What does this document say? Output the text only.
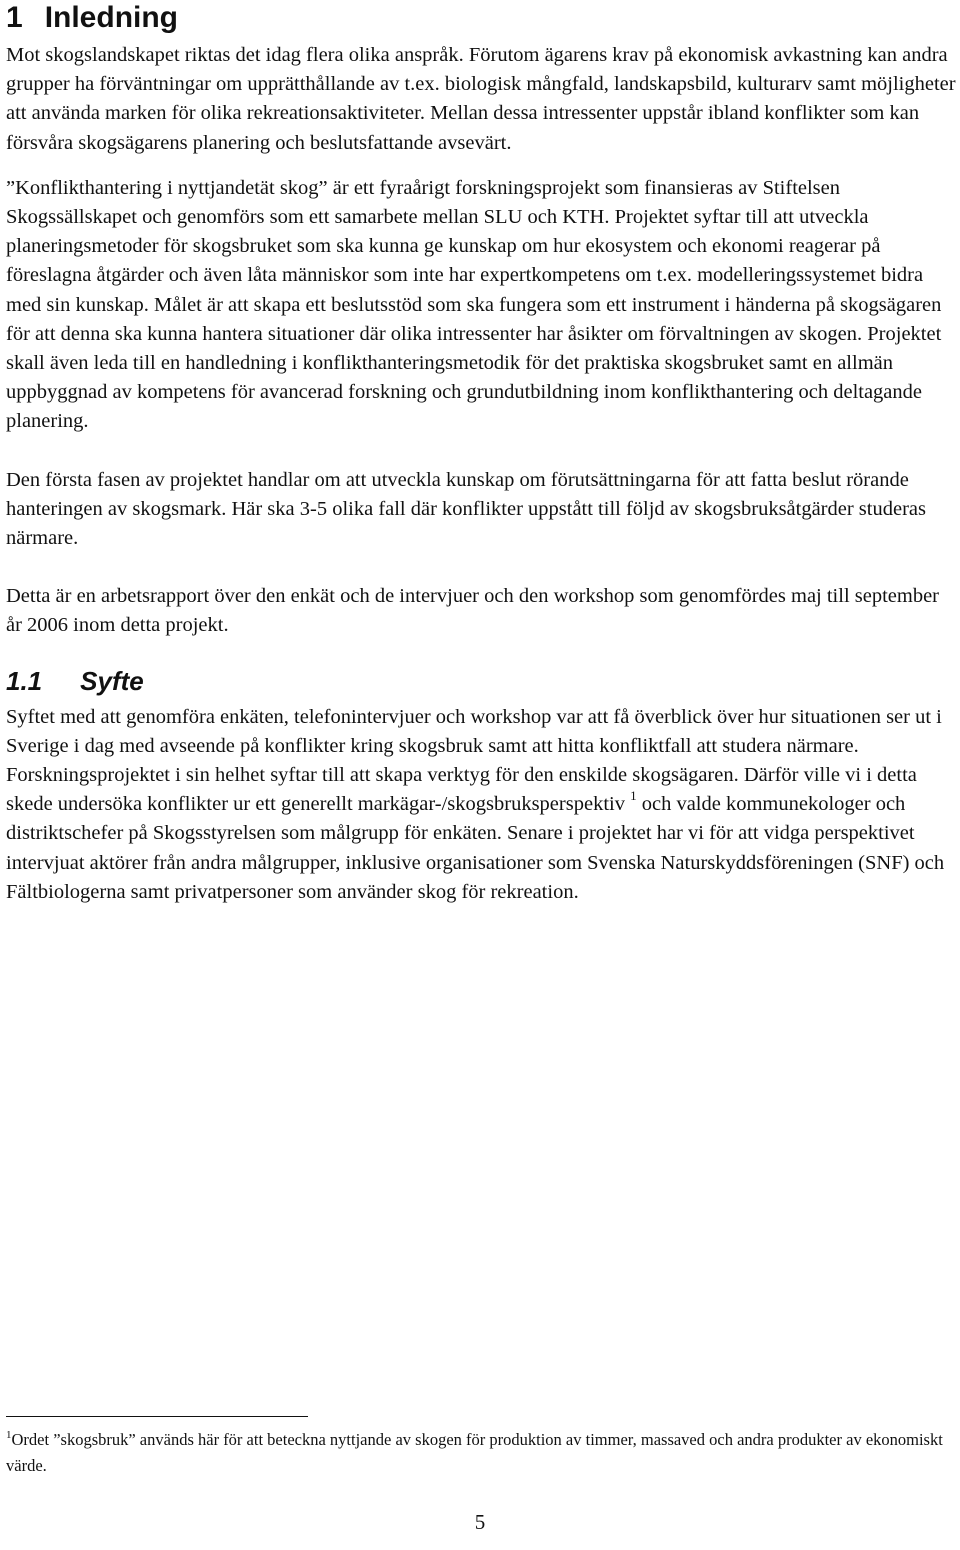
1 Inledning

Mot skogslandskapet riktas det idag flera olika anspråk. Förutom ägarens krav på ekonomisk avkastning kan andra grupper ha förväntningar om upprätthållande av t.ex. biologisk mångfald, landskapsbild, kulturarv samt möjligheter att använda marken för olika rekreationsaktiviteter. Mellan dessa intressenter uppstår ibland konflikter som kan försvåra skogsägarens planering och beslutsfattande avsevärt.

”Konflikthantering i nyttjandetät skog” är ett fyraårigt forskningsprojekt som finansieras av Stiftelsen Skogssällskapet och genomförs som ett samarbete mellan SLU och KTH. Projektet syftar till att utveckla planeringsmetoder för skogsbruket som ska kunna ge kunskap om hur ekosystem och ekonomi reagerar på föreslagna åtgärder och även låta människor som inte har expertkompetens om t.ex. modelleringssystemet bidra med sin kunskap. Målet är att skapa ett beslutsstöd som ska fungera som ett instrument i händerna på skogsägaren för att denna ska kunna hantera situationer där olika intressenter har åsikter om förvaltningen av skogen. Projektet skall även leda till en handledning i konflikthanteringsmetodik för det praktiska skogsbruket samt en allmän uppbyggnad av kompetens för avancerad forskning och grundutbildning inom konflikthantering och deltagande planering.

Den första fasen av projektet handlar om att utveckla kunskap om förutsättningarna för att fatta beslut rörande hanteringen av skogsmark. Här ska 3-5 olika fall där konflikter uppstått till följd av skogsbruksåtgärder studeras närmare.

Detta är en arbetsrapport över den enkät och de intervjuer och den workshop som genomfördes maj till september år 2006 inom detta projekt.

1.1 Syfte

Syftet med att genomföra enkäten, telefonintervjuer och workshop var att få överblick över hur situationen ser ut i Sverige i dag med avseende på konflikter kring skogsbruk samt att hitta konfliktfall att studera närmare. Forskningsprojektet i sin helhet syftar till att skapa verktyg för den enskilde skogsägaren. Därför ville vi i detta skede undersöka konflikter ur ett generellt markägar-/skogsbruksperspektiv $^1$ och valde kommunekologer och distriktschefer på Skogsstyrelsen som målgrupp för enkäten. Senare i projektet har vi för att vidga perspektivet intervjuat aktörer från andra målgrupper, inklusive organisationer som Svenska Naturskyddsföreningen (SNF) och Fältbiologerna samt privatpersoner som använder skog för rekreation.

$^1$Ordet ”skogsbruk” används här för att beteckna nyttjande av skogen för produktion av timmer, massaved och andra produkter av ekonomiskt värde.

5
